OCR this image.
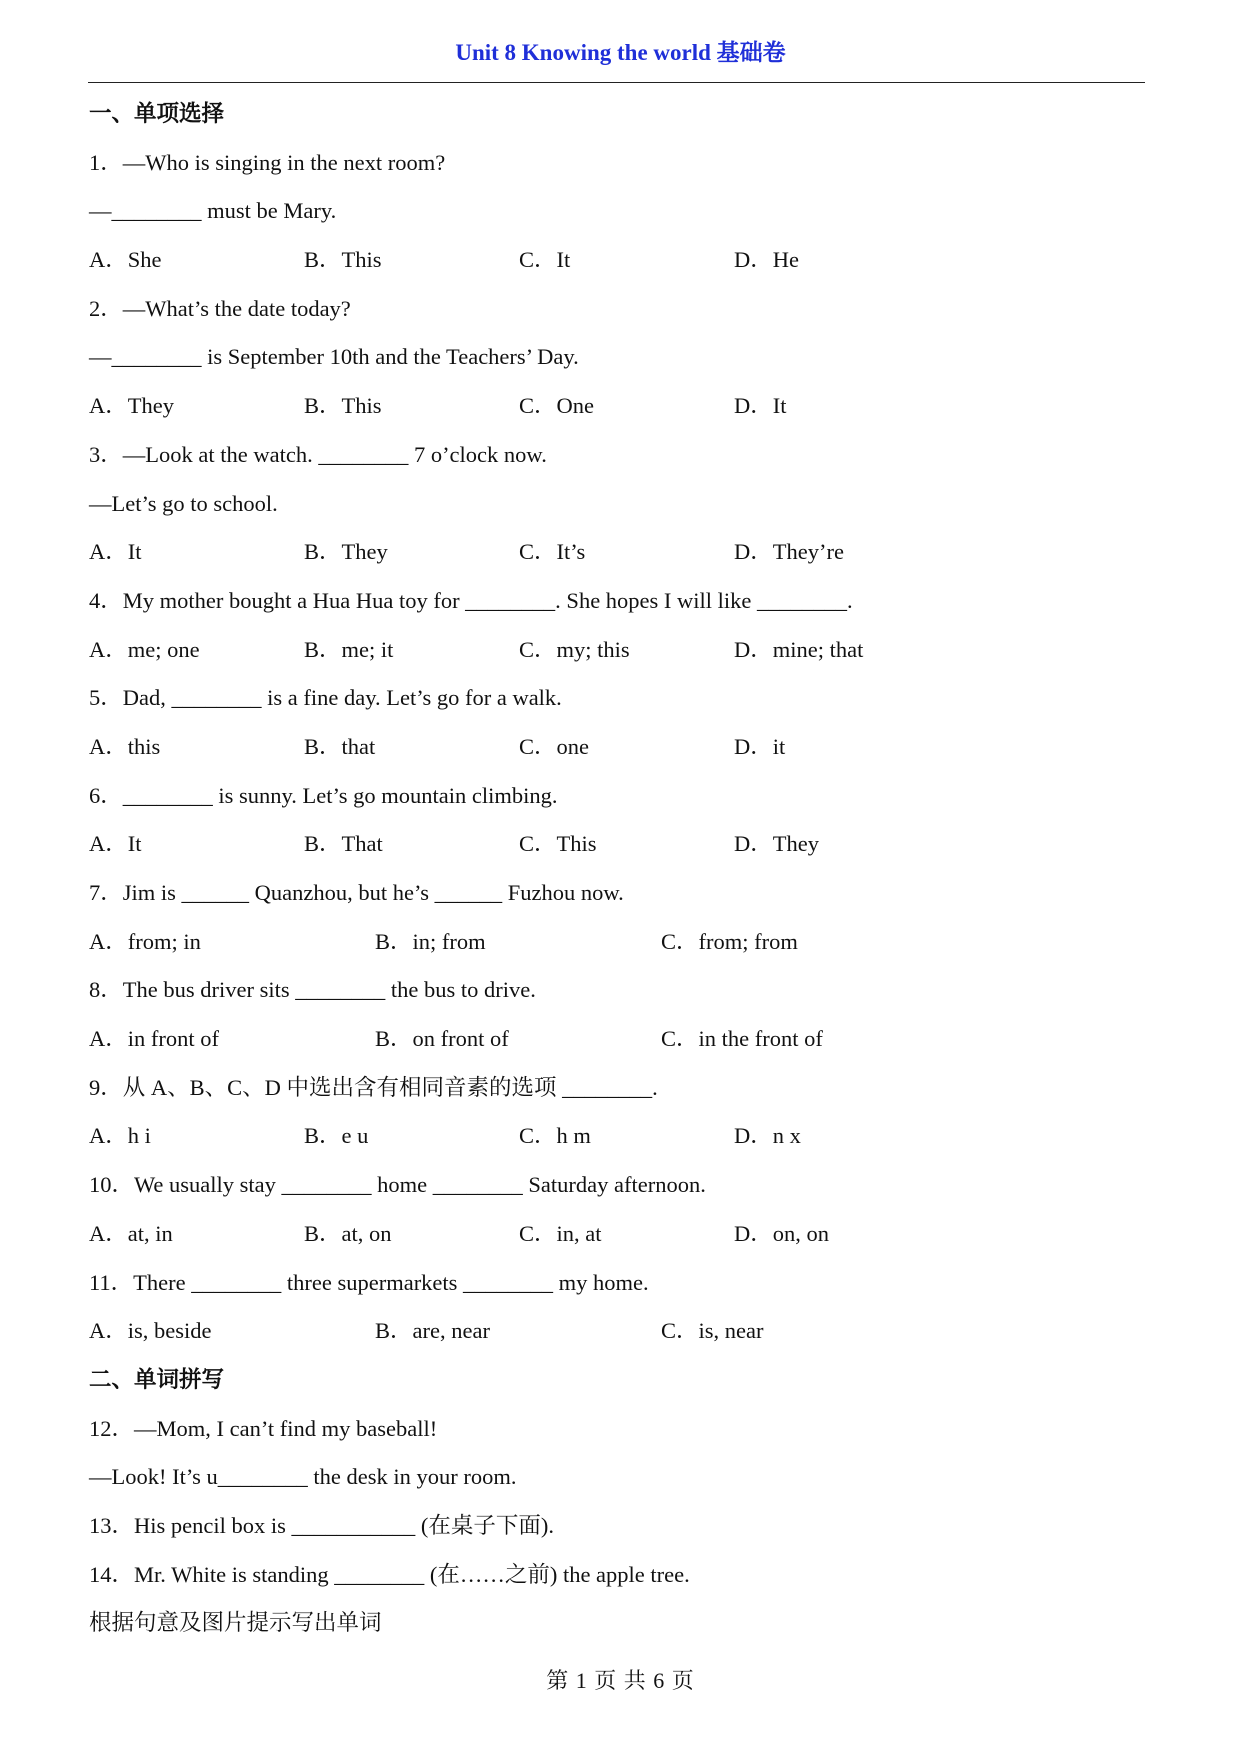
Unit 8 Knowing the world 基础卷
一、单项选择
1．—Who is singing in the next room?
—________ must be Mary.
A．She	B．This	C．It	D．He
2．—What’s the date today?
—________ is September 10th and the Teachers’ Day.
A．They	B．This	C．One	D．It
3．—Look at the watch. ________ 7 o’clock now.
—Let’s go to school.
A．It	B．They	C．It’s	D．They’re
4．My mother bought a Hua Hua toy for ________. She hopes I will like ________.
A．me; one	B．me; it	C．my; this	D．mine; that
5．Dad, ________ is a fine day. Let’s go for a walk.
A．this	B．that	C．one	D．it
6．________ is sunny. Let’s go mountain climbing.
A．It	B．That	C．This	D．They
7．Jim is ______ Quanzhou, but he’s ______ Fuzhou now.
A．from; in	B．in; from	C．from; from
8．The bus driver sits ________ the bus to drive.
A．in front of	B．on front of	C．in the front of
9．从 A、B、C、D 中选出含有相同音素的选项 ________.
A．h i	B．e u	C．h m	D．n x
10．We usually stay ________ home ________ Saturday afternoon.
A．at, in	B．at, on	C．in, at	D．on, on
11．There ________ three supermarkets ________ my home.
A．is, beside	B．are, near	C．is, near
二、单词拼写
12．—Mom, I can’t find my baseball!
—Look! It’s u________ the desk in your room.
13．His pencil box is ___________ (在桌子下面).
14．Mr. White is standing ________ (在……之前) the apple tree.
根据句意及图片提示写出单词
第 1 页 共 6 页
